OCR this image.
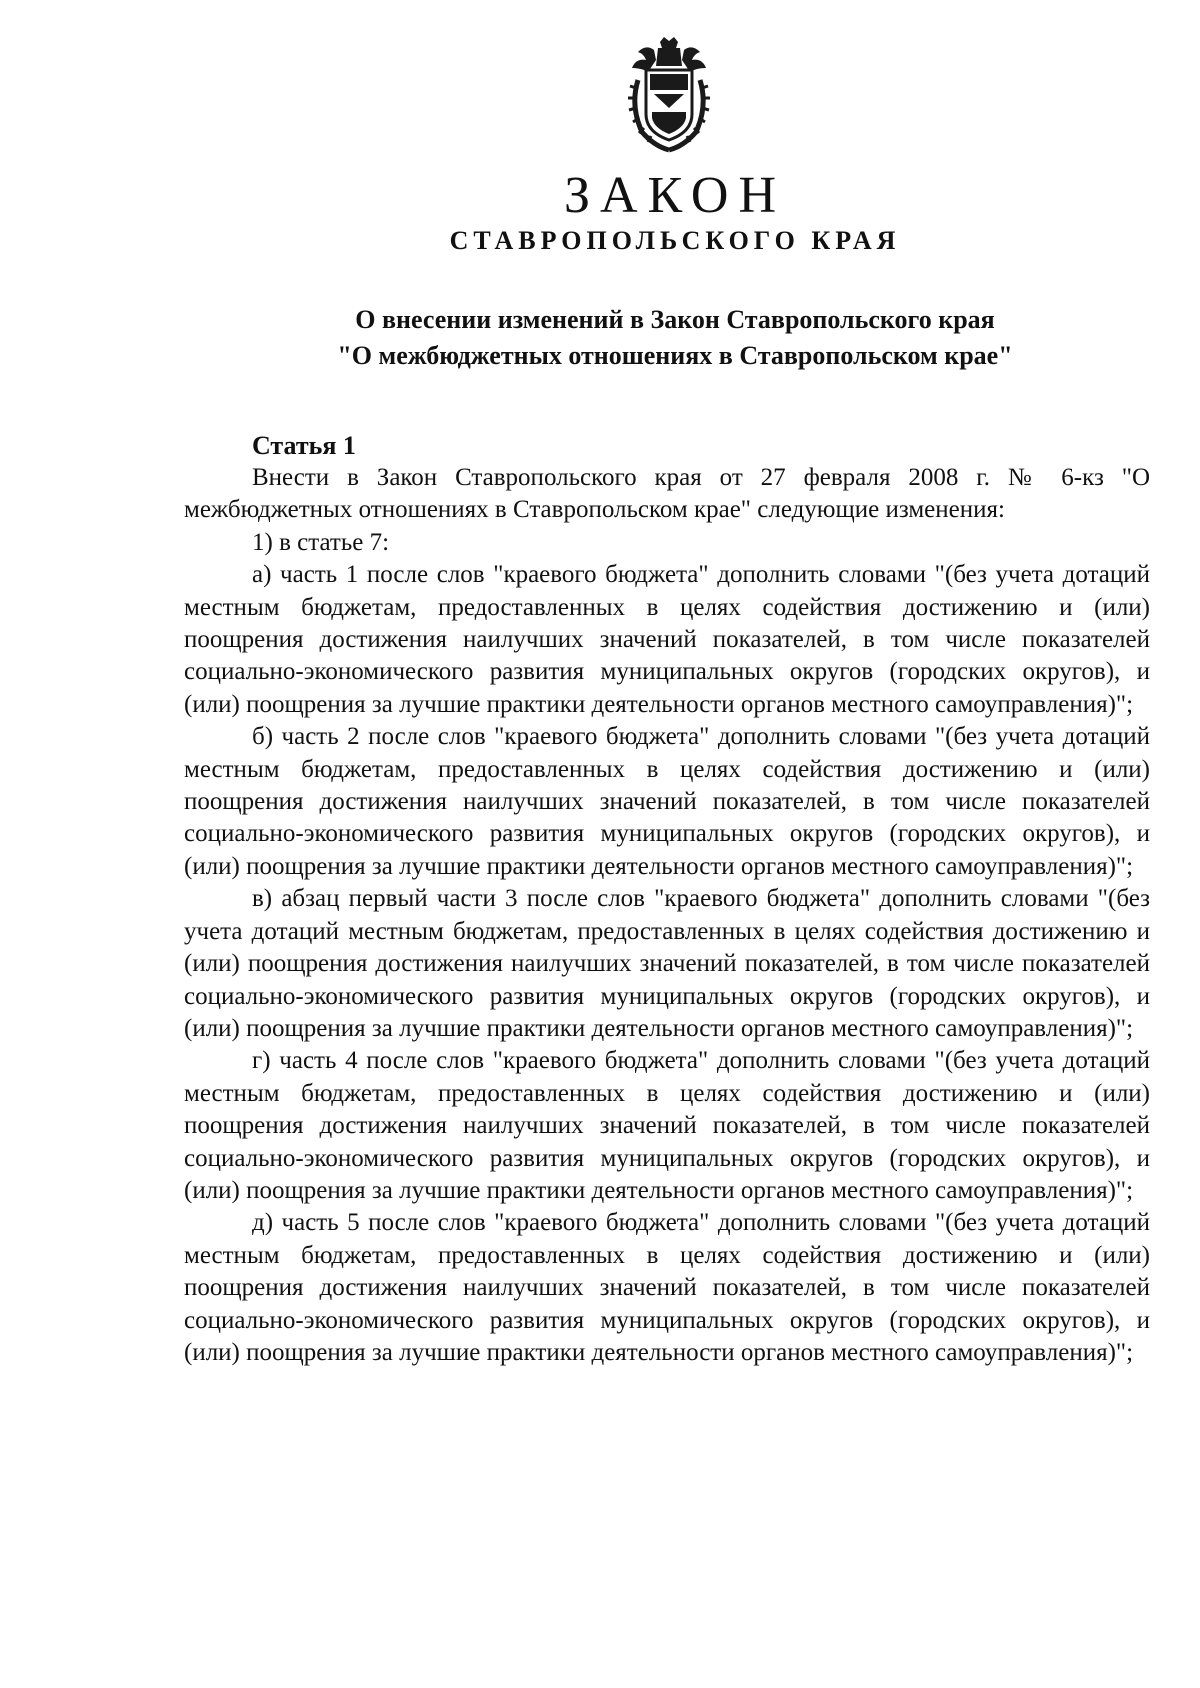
ЗАКОН
СТАВРОПОЛЬСКОГО КРАЯ
О внесении изменений в Закон Ставропольского края
"О межбюджетных отношениях в Ставропольском крае"
Статья 1

Внести в Закон Ставропольского края от 27 февраля 2008 г. № 6-кз "О межбюджетных отношениях в Ставропольском крае" следующие изменения:

1) в статье 7:

а) часть 1 после слов "краевого бюджета" дополнить словами "(без учета дотаций местным бюджетам, предоставленных в целях содействия достижению и (или) поощрения достижения наилучших значений показателей, в том числе показателей социально-экономического развития муниципальных округов (городских округов), и (или) поощрения за лучшие практики деятельности органов местного самоуправления)";

б) часть 2 после слов "краевого бюджета" дополнить словами "(без учета дотаций местным бюджетам, предоставленных в целях содействия достижению и (или) поощрения достижения наилучших значений показателей, в том числе показателей социально-экономического развития муниципальных округов (городских округов), и (или) поощрения за лучшие практики деятельности органов местного самоуправления)";

в) абзац первый части 3 после слов "краевого бюджета" дополнить словами "(без учета дотаций местным бюджетам, предоставленных в целях содействия достижению и (или) поощрения достижения наилучших значений показателей, в том числе показателей социально-экономического развития муниципальных округов (городских округов), и (или) поощрения за лучшие практики деятельности органов местного самоуправления)";

г) часть 4 после слов "краевого бюджета" дополнить словами "(без учета дотаций местным бюджетам, предоставленных в целях содействия достижению и (или) поощрения достижения наилучших значений показателей, в том числе показателей социально-экономического развития муниципальных округов (городских округов), и (или) поощрения за лучшие практики деятельности органов местного самоуправления)";

д) часть 5 после слов "краевого бюджета" дополнить словами "(без учета дотаций местным бюджетам, предоставленных в целях содействия достижению и (или) поощрения достижения наилучших значений показателей, в том числе показателей социально-экономического развития муниципальных округов (городских округов), и (или) поощрения за лучшие практики деятельности органов местного самоуправления)";
